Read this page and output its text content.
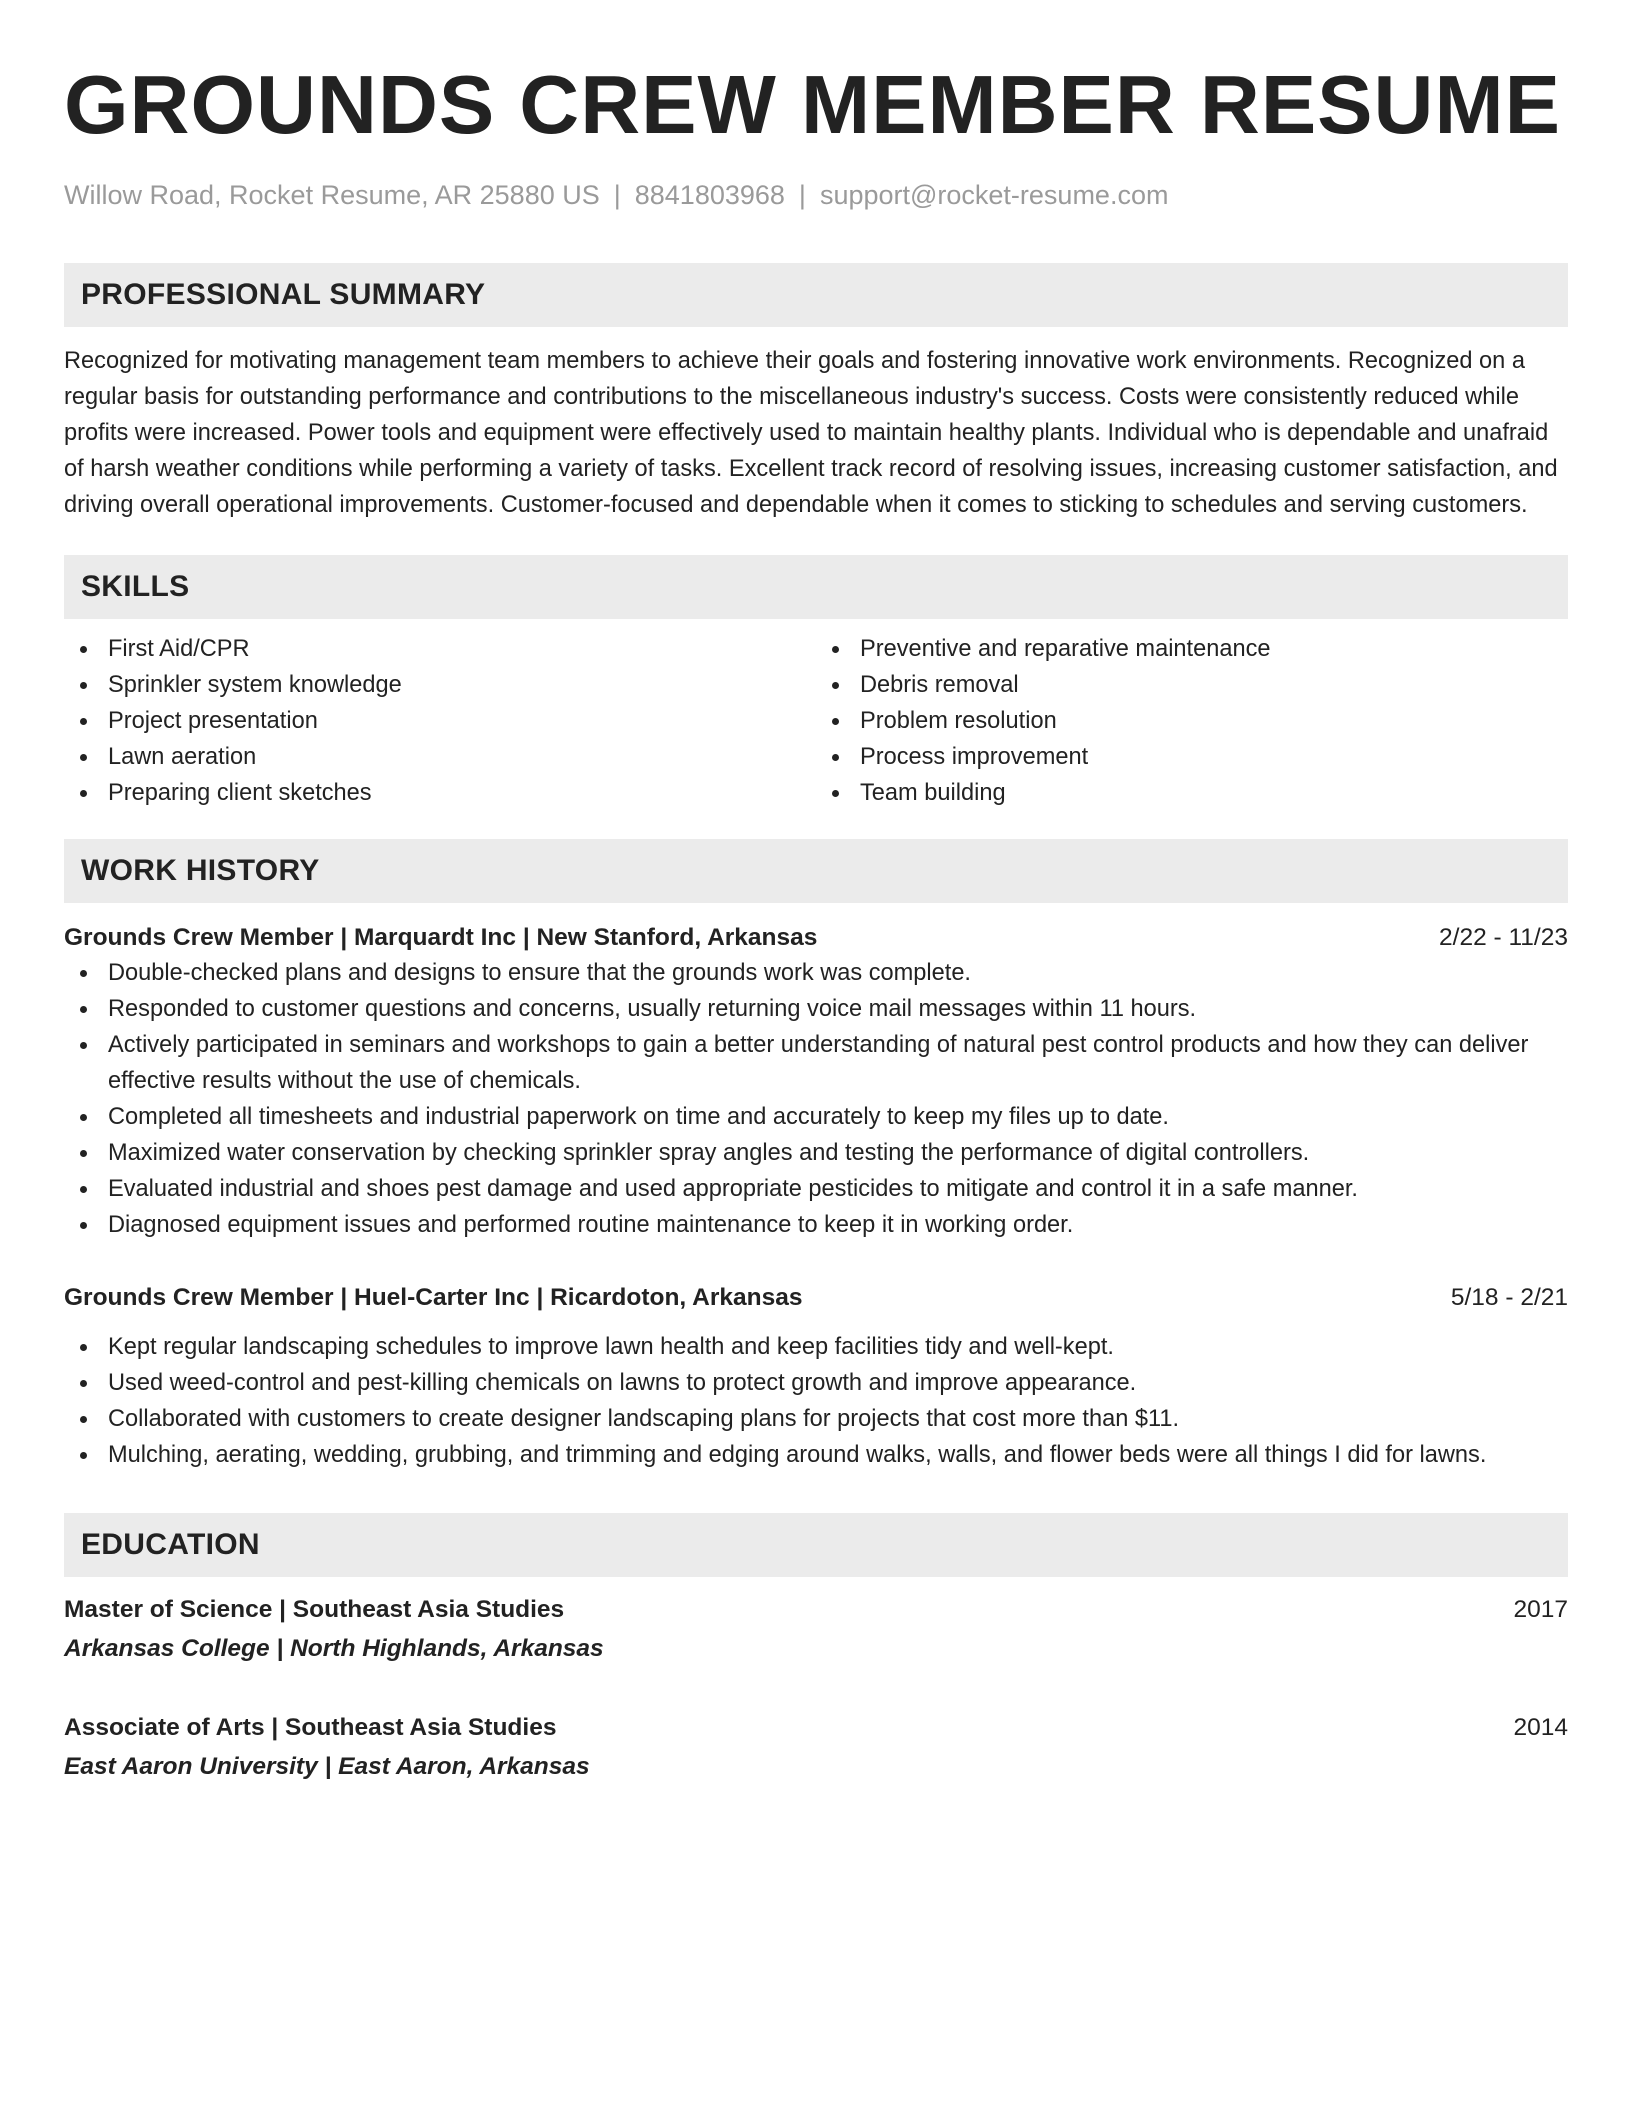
GROUNDS CREW MEMBER RESUME
Willow Road, Rocket Resume, AR 25880 US | 8841803968 | support@rocket-resume.com
PROFESSIONAL SUMMARY

Recognized for motivating management team members to achieve their goals and fostering innovative work environments. Recognized on a regular basis for outstanding performance and contributions to the miscellaneous industry's success. Costs were consistently reduced while profits were increased. Power tools and equipment were effectively used to maintain healthy plants. Individual who is dependable and unafraid of harsh weather conditions while performing a variety of tasks. Excellent track record of resolving issues, increasing customer satisfaction, and driving overall operational improvements. Customer-focused and dependable when it comes to sticking to schedules and serving customers.

SKILLS
First Aid/CPR
Sprinkler system knowledge
Project presentation
Lawn aeration
Preparing client sketches
Preventive and reparative maintenance
Debris removal
Problem resolution
Process improvement
Team building
WORK HISTORY
Grounds Crew Member | Marquardt Inc | New Stanford, Arkansas	2/22 - 11/23
Double-checked plans and designs to ensure that the grounds work was complete.
Responded to customer questions and concerns, usually returning voice mail messages within 11 hours.
Actively participated in seminars and workshops to gain a better understanding of natural pest control products and how they can deliver effective results without the use of chemicals.
Completed all timesheets and industrial paperwork on time and accurately to keep my files up to date.
Maximized water conservation by checking sprinkler spray angles and testing the performance of digital controllers.
Evaluated industrial and shoes pest damage and used appropriate pesticides to mitigate and control it in a safe manner.
Diagnosed equipment issues and performed routine maintenance to keep it in working order.
Grounds Crew Member | Huel-Carter Inc | Ricardoton, Arkansas	5/18 - 2/21
Kept regular landscaping schedules to improve lawn health and keep facilities tidy and well-kept.
Used weed-control and pest-killing chemicals on lawns to protect growth and improve appearance.
Collaborated with customers to create designer landscaping plans for projects that cost more than $11.
Mulching, aerating, wedding, grubbing, and trimming and edging around walks, walls, and flower beds were all things I did for lawns.
EDUCATION
Master of Science | Southeast Asia Studies	2017
Arkansas College | North Highlands, Arkansas
Associate of Arts | Southeast Asia Studies	2014
East Aaron University | East Aaron, Arkansas
